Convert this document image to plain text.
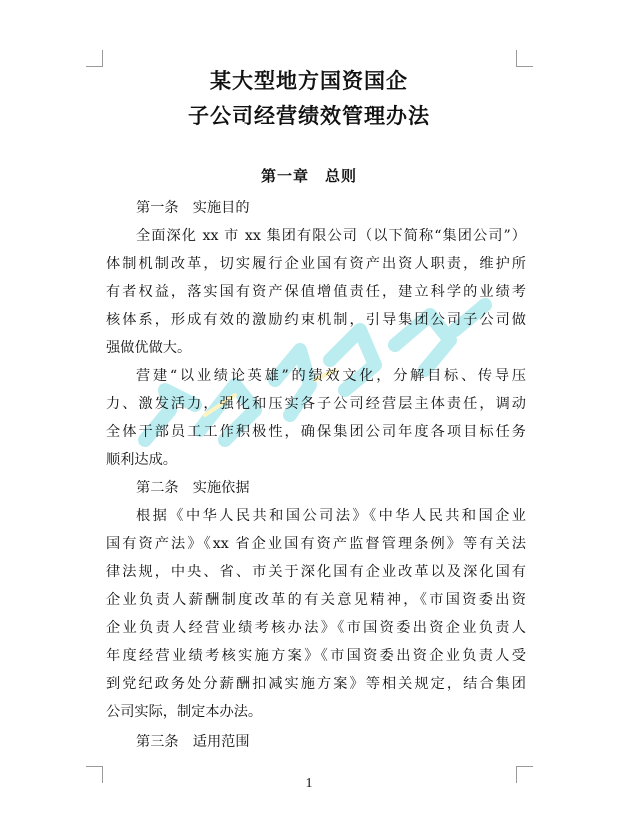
某大型地方国资国企
子公司经营绩效管理办法
第一章　总则
第一条　实施目的
全面深化 xx 市 xx 集团有限公司（以下简称“集团公司”）
体制机制改革，切实履行企业国有资产出资人职责，维护所
有者权益，落实国有资产保值增值责任，建立科学的业绩考
核体系，形成有效的激励约束机制，引导集团公司子公司做
强做优做大。
营建“以业绩论英雄”的绩效文化，分解目标、传导压
力、激发活力，强化和压实各子公司经营层主体责任，调动
全体干部员工工作积极性，确保集团公司年度各项目标任务
顺利达成。
第二条　实施依据
根据《中华人民共和国公司法》《中华人民共和国企业
国有资产法》《xx 省企业国有资产监督管理条例》等有关法
律法规，中央、省、市关于深化国有企业改革以及深化国有
企业负责人薪酬制度改革的有关意见精神，《市国资委出资
企业负责人经营业绩考核办法》《市国资委出资企业负责人
年度经营业绩考核实施方案》《市国资委出资企业负责人受
到党纪政务处分薪酬扣减实施方案》等相关规定，结合集团
公司实际，制定本办法。
第三条　适用范围
1
